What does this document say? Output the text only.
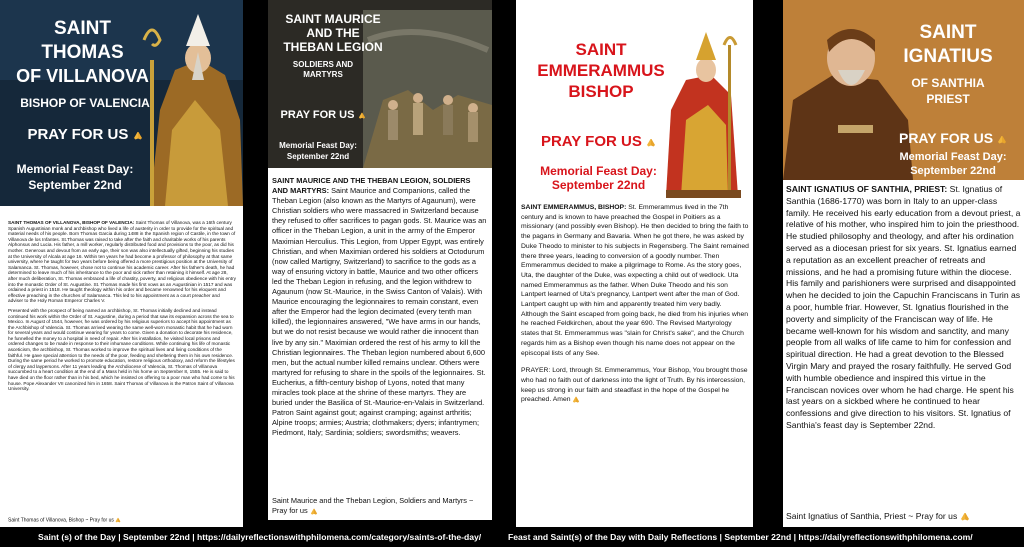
SAINT
THOMAS
OF VILLANOVA
BISHOP OF VALENCIA
PRAY FOR US
Memorial Feast Day:
September 22nd

SAINT THOMAS OF VILLANOVA, BISHOP OF VALENCIA: Saint Thomas of Villanova, was a 16th century Spanish Augustinian monk and archbishop who lived a life of austerity in order to provide for the spiritual and material needs of his people. Born Thomas Garcia during 1488 in the Spanish region of Castile, in the town of Villanova de los Infantes. St.Thomas was raised to take after the faith and charitable works of his parents Alphonsus and Lucia. His father, a mill worker, regularly distributed food and provisions to the poor, as did his mother. Generous and devout from an early age, their son was also intellectually gifted, beginning his studies at the University of Alcala at age 16. Within ten years he had become a professor of philosophy at that same university, where he taught for two years before being offered a more prestigious position at the University of Salamanca. St. Thomas, however, chose not to continue his academic career. After his father's death, he had determined to leave much of his inheritance to the poor and sick rather than retaining it himself. At age 28, after much deliberation, St. Thomas embraced a life of chastity, poverty, and religious obedience with his entry into the monastic Order of St. Augustine. St. Thomas made his first vows as an Augustinian in 1517 and was ordained a priest in 1518. He taught theology within his order and became renowned for his eloquent and effective preaching in the churches of Salamanca. This led to his appointment as a court preacher and adviser to the Holy Roman Emperor Charles V.

Presented with the prospect of being named an archbishop, St. Thomas initially declined and instead continued his work within the Order of St. Augustine, during a period that saw its expansion across the sea to Mexico. In August of 1544, however, he was ordered by his religious superiors to accept his appointment as the Archbishop of Valencia. St. Thomas arrived wearing the same well-worn monastic habit that he had worn for several years and would continue wearing for years to come. Given a donation to decorate his residence, he funnelled the money to a hospital in need of repair. After his installation, he visited local prisons and ordered changes to be made in response to their inhumane conditions. While continuing his life of monastic asceticism, the archbishop, St. Thomas worked to improve the spiritual lives and living conditions of the faithful. He gave special attention to the needs of the poor, feeding and sheltering them in his own residence. During the same period he worked to promote education, restore religious orthodoxy, and reform the lifestyles of clergy and laypersons. After 11 years leading the Archdiocese of Valencia, St. Thomas of Villanova succumbed to a heart condition at the end of a Mass held in his home on September 8, 1555. He is said to have died on the floor rather than in his bed, which he insisted on offering to a poor man who had come to his house. Pope Alexander VII canonized him in 1658. Saint Thomas of Villanova is the Patron Saint of Villanova University.

Saint Thomas of Villanova, Bishop ~ Pray for us
SAINT MAURICE
AND THE
THEBAN LEGION
SOLDIERS AND
MARTYRS
PRAY FOR US
Memorial Feast Day:
September 22nd

SAINT MAURICE AND THE THEBAN LEGION, SOLDIERS AND MARTYRS: Saint Maurice and Companions, called the Theban Legion (also known as the Martyrs of Agaunum), were Christian soldiers who were massacred in Switzerland because they refused to offer sacrifices to pagan gods. St. Maurice was an officer in the Theban Legion, a unit in the army of the Emperor Maximian Herculius. This Legion, from Upper Egypt, was entirely Christian, and when Maximian ordered his soldiers at Octodurum (now called Martigny, Switzerland) to sacrifice to the gods as a way of ensuring victory in battle, Maurice and two other officers led the Theban Legion in refusing, and the legion withdrew to Agaunum (now St.-Maurice, in the Swiss Canton of Valais). With Maurice encouraging the legionnaires to remain constant, even after the Emperor had the legion decimated (every tenth man killed), the legionnaires answered, "We have arms in our hands, but we do not resist because we would rather die innocent than live by any sin." Maximian ordered the rest of his army to kill the Christian legionnaires. The Theban legion numbered about 6,600 men, but the actual number killed remains unclear. Others were martyred for refusing to share in the spoils of the legionnaires. St. Eucherius, a fifth-century bishop of Lyons, noted that many miracles took place at the shrine of these martyrs. They are buried under the Basilica of St.-Maurice-en-Valais in Switzerland. Patron Saint against gout; against cramping; against arthritis; Alpine troops; armies; Austria; clothmakers; dyers; infantrymen; Piedmont, Italy; Sardinia; soldiers; swordsmiths; weavers.

Saint Maurice and the Theban Legion, Soldiers and Martyrs ~ Pray for us
SAINT
EMMERAMMUS
BISHOP
PRAY FOR US
Memorial Feast Day:
September 22nd

SAINT EMMERAMMUS, BISHOP: St. Emmerammus lived in the 7th century and is known to have preached the Gospel in Poitiers as a missionary (and possibly even Bishop). He then decided to bring the faith to the pagans in Germany and Bavaria. When he got there, he was asked by Duke Theodo to minister to his subjects in Regensberg. The Saint remained there three years, leading to conversion of a goodly number. Then Emmerammus decided to make a pilgrimage to Rome. As the story goes, Uta, the daughter of the Duke, was expecting a child out of wedlock. Uta named Emmerammus as the father. When Duke Theodo and his son Lantpert learned of Uta's pregnancy, Lantpert went after the man of God. Lantpert caught up with him and apparently treated him very badly. Although the Saint escaped from going back, he died from his injuries when he reached Feldkirchen, about the year 690. The Revised Martyrology states that St. Emmerammus was "slain for Christ's sake", and the Church regards him as a Bishop even though his name does not appear on the episcopal lists of any See.

PRAYER: Lord, through St. Emmerammus, Your Bishop, You brought those who had no faith out of darkness into the light of Truth. By his intercession, keep us strong in our faith and steadfast in the hope of the Gospel he preached. Amen

SAINT
IGNATIUS
OF SANTHIA
PRIEST
PRAY FOR US
Memorial Feast Day:
September 22nd

SAINT IGNATIUS OF SANTHIA, PRIEST: St. Ignatius of Santhia (1686-1770) was born in Italy to an upper-class family. He received his early education from a devout priest, a relative of his mother, who inspired him to join the priesthood. He studied philosophy and theology, and after his ordination served as a diocesan priest for six years. St. Ignatius earned a reputation as an excellent preacher of retreats and missions, and he had a promising future within the diocese. His family and parishioners were surprised and disappointed when he decided to join the Capuchin Franciscans in Turin as a poor, humble friar. However, St. Ignatius flourished in the poverty and simplicity of the Franciscan way of life. He became well-known for his wisdom and sanctity, and many people from all walks of life came to him for confession and spiritual direction. He had a great devotion to the Blessed Virgin Mary and prayed the rosary faithfully. He served God with humble obedience and inspired this virtue in the Franciscan novices over whom he had charge. He spent his last years on a sickbed where he continued to hear confessions and give direction to his visitors. St. Ignatius of Santhia's feast day is September 22nd.

Saint Ignatius of Santhia, Priest ~ Pray for us
Saint (s) of the Day | September 22nd | https://dailyreflectionswithphilomena.com/category/saints-of-the-day/	Feast and Saint(s) of the Day with Daily Reflections | September 22nd | https://dailyreflectionswithphilomena.com/
